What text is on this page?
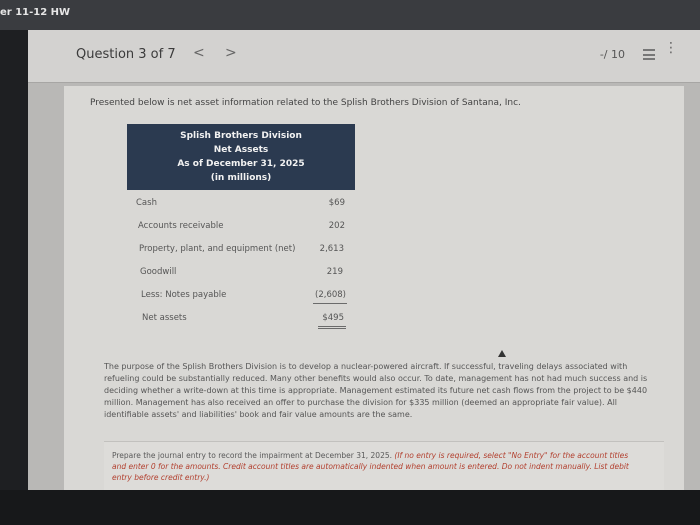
er 11-12 HW
Question 3 of 7 < >	-/ 10	⋮
Presented below is net asset information related to the Splish Brothers Division of Santana, Inc.
Splish Brothers Division
Net Assets
As of December 31, 2025
(in millions)
Cash	$69
Accounts receivable	202
Property, plant, and equipment (net)	2,613
Goodwill	219
Less: Notes payable	(2,608)
Net assets	$495
The purpose of the Splish Brothers Division is to develop a nuclear-powered aircraft. If successful, traveling delays associated with refueling could be substantially reduced. Many other benefits would also occur. To date, management has not had much success and is deciding whether a write-down at this time is appropriate. Management estimated its future net cash flows from the project to be $440 million. Management has also received an offer to purchase the division for $335 million (deemed an appropriate fair value). All identifiable assets' and liabilities' book and fair value amounts are the same.
Prepare the journal entry to record the impairment at December 31, 2025. (If no entry is required, select "No Entry" for the account titles and enter 0 for the amounts. Credit account titles are automatically indented when amount is entered. Do not indent manually. List debit entry before credit entry.)
